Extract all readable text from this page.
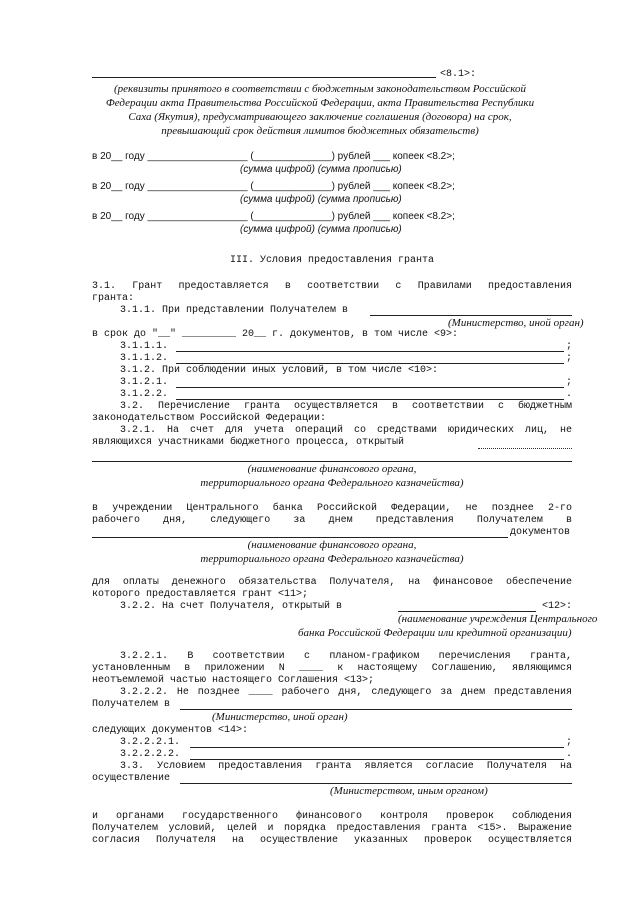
<8.1>:
(реквизиты принятого в соответствии с бюджетным законодательством Российской
Федерации акта Правительства Российской Федерации, акта Правительства Республики
Саха (Якутия), предусматривающего заключение соглашения (договора) на срок,
превышающий срок действия лимитов бюджетных обязательств)
в 20__ году __________________ (______________) рублей ___ копеек <8.2>;
(сумма цифрой) (сумма прописью)
в 20__ году __________________ (______________) рублей ___ копеек <8.2>;
(сумма цифрой) (сумма прописью)
в 20__ году __________________ (______________) рублей ___ копеек <8.2>;
(сумма цифрой) (сумма прописью)
III. Условия предоставления гранта
3.1. Грант предоставляется в соответствии с Правилами предоставления
гранта:
3.1.1. При представлении Получателем в
(Министерство, иной орган)
в срок до "__" _________ 20__ г. документов, в том числе <9>:
3.1.1.1.	;
3.1.1.2.	;
3.1.2. При соблюдении иных условий, в том числе <10>:
3.1.2.1.	;
3.1.2.2.	.
3.2. Перечисление гранта осуществляется в соответствии с бюджетным
законодательством Российской Федерации:
3.2.1. На счет для учета операций со средствами юридических лиц, не
являющихся участниками бюджетного процесса, открытый
(наименование финансового органа,
территориального органа Федерального казначейства)
в учреждении Центрального банка Российской Федерации, не позднее 2-го
рабочего дня, следующего за днем представления Получателем в
документов
(наименование финансового органа,
территориального органа Федерального казначейства)
для оплаты денежного обязательства Получателя, на финансовое обеспечение
которого предоставляется грант <11>;
3.2.2. На счет Получателя, открытый в	<12>:
(наименование учреждения Центрального
банка Российской Федерации или кредитной организации)
3.2.2.1. В соответствии с планом-графиком перечисления гранта,
установленным в приложении N ____ к настоящему Соглашению, являющимся
неотъемлемой частью настоящего Соглашения <13>;
3.2.2.2. Не позднее ____ рабочего дня, следующего за днем представления
Получателем в
(Министерство, иной орган)
следующих документов <14>:
3.2.2.2.1.	;
3.2.2.2.2.	.
3.3. Условием предоставления гранта является согласие Получателя на
осуществление
(Министерством, иным органом)
и органами государственного финансового контроля проверок соблюдения
Получателем условий, целей и порядка предоставления гранта <15>. Выражение
согласия Получателя на осуществление указанных проверок осуществляется
